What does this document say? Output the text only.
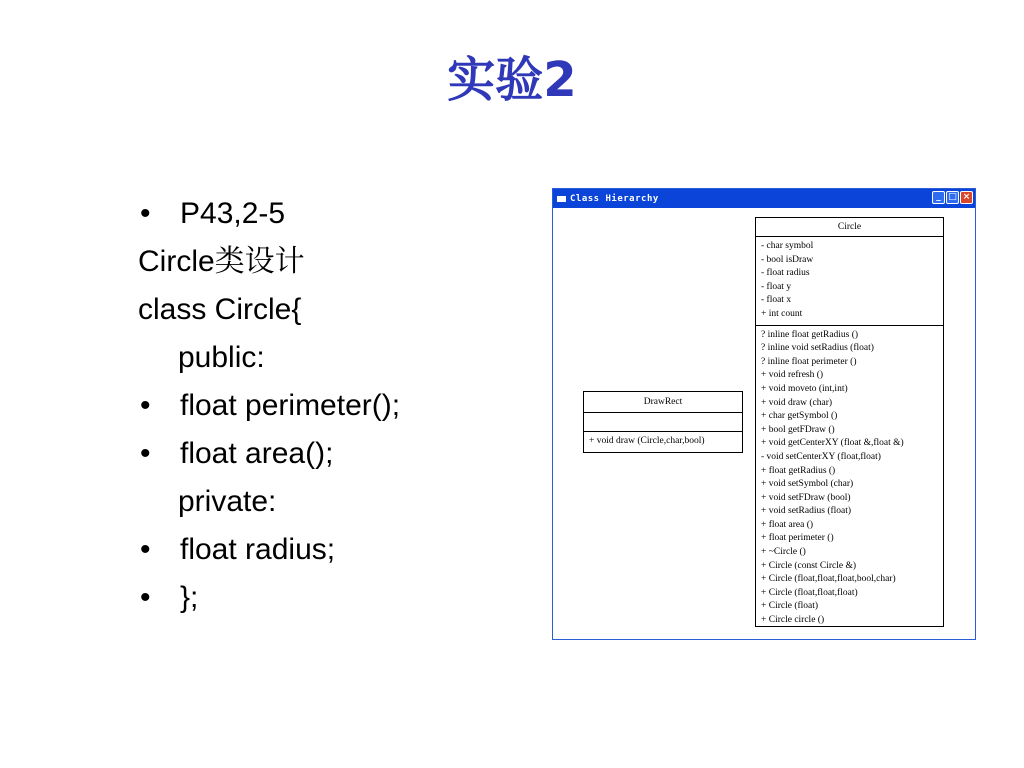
实验2
• P43,2-5
Circle类设计
class Circle{
public:
• float perimeter();
• float area();
private:
• float radius;
• };
Class Hierarchy	_ □ ×
Circle
- char symbol
- bool isDraw
- float radius
- float y
- float x
+ int count
? inline float getRadius ()
? inline void setRadius (float)
? inline float perimeter ()
+ void refresh ()
+ void moveto (int,int)
+ void draw (char)
+ char getSymbol ()
+ bool getFDraw ()
+ void getCenterXY (float &,float &)
- void setCenterXY (float,float)
+ float getRadius ()
+ void setSymbol (char)
+ void setFDraw (bool)
+ void setRadius (float)
+ float area ()
+ float perimeter ()
+ ~Circle ()
+ Circle (const Circle &)
+ Circle (float,float,float,bool,char)
+ Circle (float,float,float)
+ Circle (float)
+ Circle circle ()
DrawRect
+ void draw (Circle,char,bool)
